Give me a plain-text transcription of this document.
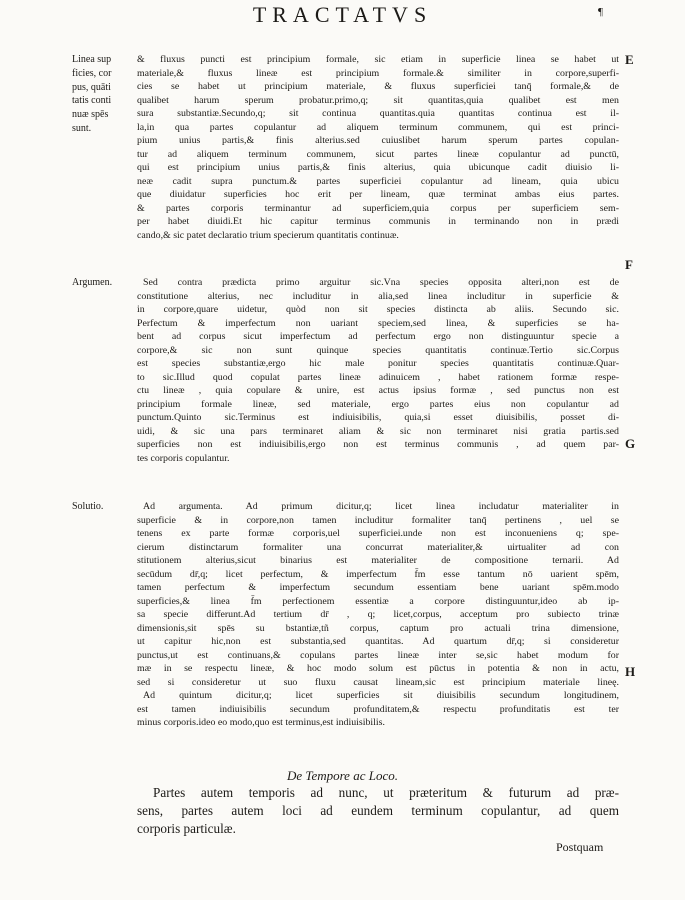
TRACTATVS	¶
Linea sup
ficies, cor
pus, quāti
tatis conti
nuæ spēs
sunt.
Argumen.
Solutio.
E
F
G
H
& fluxus puncti est principium formale, sic etiam in superficie linea se habet ut
materiale,& fluxus lineæ est principium formale.& similiter in corpore,superfi-
cies se habet ut principium materiale, & fluxus superficiei tanq̄ formale,& de
qualibet harum sperum probatur.primo,q; sit quantitas,quia qualibet est men
sura substantiæ.Secundo,q; sit continua quantitas.quia quantitas continua est il-
la,in qua partes copulantur ad aliquem terminum communem, qui est princi-
pium unius partis,& finis alterius.sed cuiuslibet harum sperum partes copulan-
tur ad aliquem terminum communem, sicut partes lineæ copulantur ad punctū,
qui est principium unius partis,& finis alterius, quia ubicunque cadit diuisio li-
neæ cadit supra punctum.& partes superficiei copulantur ad lineam, quia ubicu
que diuidatur superficies hoc erit per lineam, quæ terminat ambas eius partes.
& partes corporis terminantur ad superficiem,quia corpus per superficiem sem-
per habet diuidi.Et hic capitur terminus communis in terminando non in prædi
cando,& sic patet declaratio trium specierum quantitatis continuæ.
Sed contra prædicta primo arguitur sic.Vna species opposita alteri,non est de
constitutione alterius, nec includitur in alia,sed linea includitur in superficie &
in corpore,quare uidetur, quòd non sit species distincta ab aliis. Secundo sic.
Perfectum & imperfectum non uariant speciem,sed linea, & superficies se ha-
bent ad corpus sicut imperfectum ad perfectum ergo non distinguuntur specie a
corpore,& sic non sunt quinque species quantitatis continuæ.Tertio sic.Corpus
est species substantiæ,ergo hic male ponitur species quantitatis continuæ.Quar-
to sic.Illud quod copulat partes lineæ adinuicem , habet rationem formæ respe-
ctu lineæ , quia copulare & unire, est actus ipsius formæ , sed punctus non est
principium formale lineæ, sed materiale, ergo partes eius non copulantur ad
punctum.Quinto sic.Terminus est indiuisibilis, quia,si esset diuisibilis, posset di-
uidi, & sic una pars terminaret aliam & sic non terminaret nisi gratia partis.sed
superficies non est indiuisibilis,ergo non est terminus communis , ad quem par-
tes corporis copulantur.
Ad argumenta. Ad primum dicitur,q; licet linea includatur materialiter in
superficie & in corpore,non tamen includitur formaliter tanq̄ pertinens , uel se
tenens ex parte formæ corporis,uel superficiei.unde non est inconueniens q; spe-
cierum distinctarum formaliter una concurrat materialiter,& uirtualiter ad con
stitutionem alterius,sicut binarius est materialiter de compositione ternarii. Ad
secūdum dr̄,q; licet perfectum, & imperfectum f̄m esse tantum nō uarient spēm,
tamen perfectum & imperfectum secundum essentiam bene uariant spēm.modo
superficies,& linea f̄m perfectionem essentiæ a corpore distinguuntur,ideo ab ip-
sa specie differunt.Ad tertium dr̄ , q; licet,corpus, acceptum pro subiecto trinæ
dimensionis,sit spēs su bstantiæ,tñ corpus, captum pro actuali trina dimensione,
ut capitur hic,non est substantia,sed quantitas. Ad quartum dr̄,q; si consideretur
punctus,ut est continuans,& copulans partes lineæ inter se,sic habet modum for
mæ in se respectu lineæ, & hoc modo solum est pūctus in potentia & non in actu,
sed si consideretur ut suo fluxu causat lineam,sic est principium materiale lineę.
Ad quintum dicitur,q; licet superficies sit diuisibilis secundum longitudinem,
est tamen indiuisibilis secundum profunditatem,& respectu profunditatis est ter
minus corporis.ideo eo modo,quo est terminus,est indiuisibilis.
De Tempore ac Loco.
Partes autem temporis ad nunc, ut præteritum & futurum ad præ-
sens, partes autem loci ad eundem terminum copulantur, ad quem
corporis particulæ.
Postquam
